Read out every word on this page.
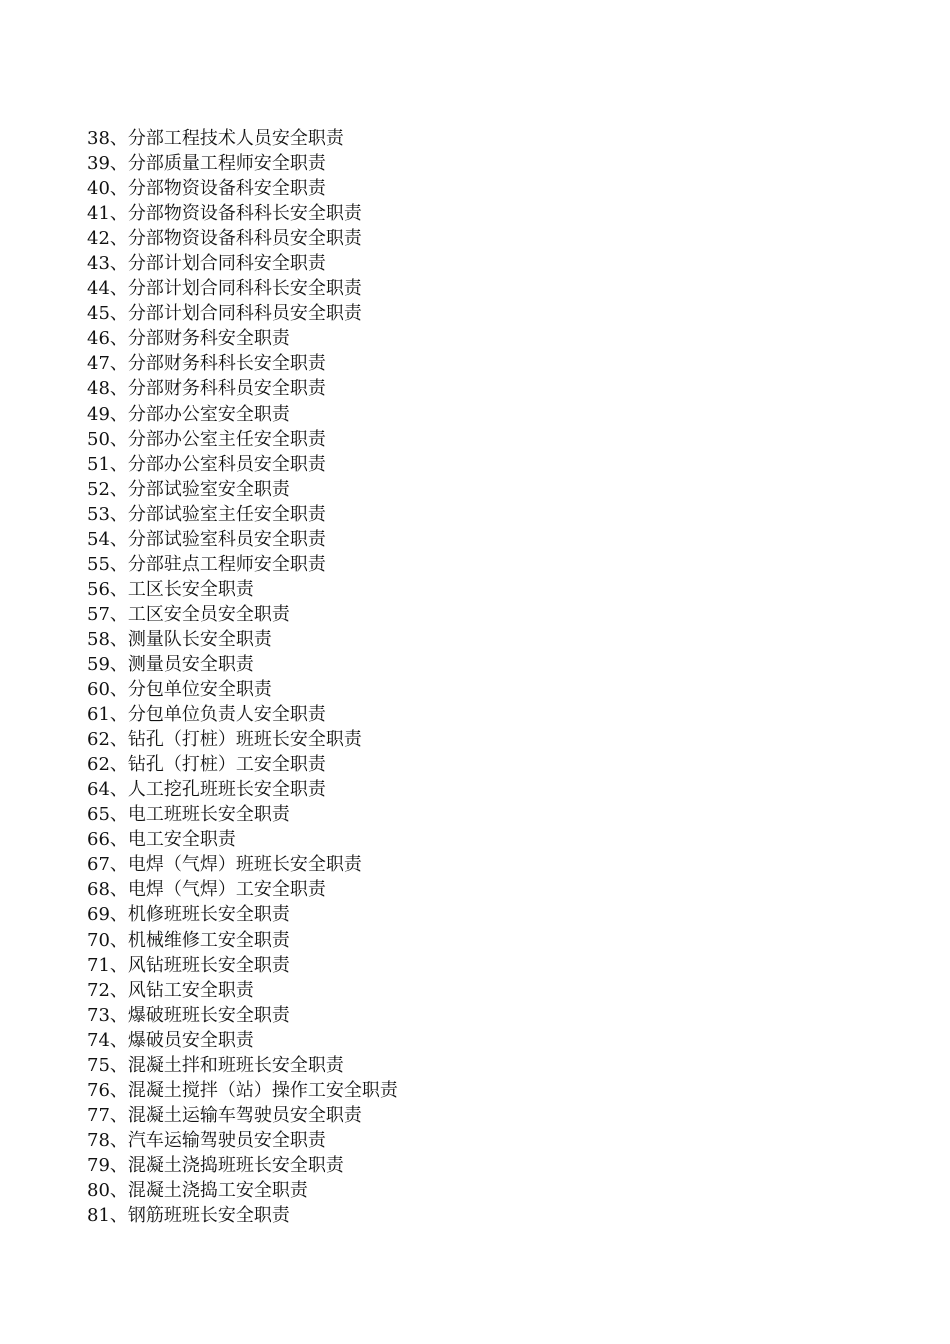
38、分部工程技术人员安全职责
39、分部质量工程师安全职责
40、分部物资设备科安全职责
41、分部物资设备科科长安全职责
42、分部物资设备科科员安全职责
43、分部计划合同科安全职责
44、分部计划合同科科长安全职责
45、分部计划合同科科员安全职责
46、分部财务科安全职责
47、分部财务科科长安全职责
48、分部财务科科员安全职责
49、分部办公室安全职责
50、分部办公室主任安全职责
51、分部办公室科员安全职责
52、分部试验室安全职责
53、分部试验室主任安全职责
54、分部试验室科员安全职责
55、分部驻点工程师安全职责
56、工区长安全职责
57、工区安全员安全职责
58、测量队长安全职责
59、测量员安全职责
60、分包单位安全职责
61、分包单位负责人安全职责
62、钻孔（打桩）班班长安全职责
62、钻孔（打桩）工安全职责
64、人工挖孔班班长安全职责
65、电工班班长安全职责
66、电工安全职责
67、电焊（气焊）班班长安全职责
68、电焊（气焊）工安全职责
69、机修班班长安全职责
70、机械维修工安全职责
71、风钻班班长安全职责
72、风钻工安全职责
73、爆破班班长安全职责
74、爆破员安全职责
75、混凝土拌和班班长安全职责
76、混凝土搅拌（站）操作工安全职责
77、混凝土运输车驾驶员安全职责
78、汽车运输驾驶员安全职责
79、混凝土浇捣班班长安全职责
80、混凝土浇捣工安全职责
81、钢筋班班长安全职责
